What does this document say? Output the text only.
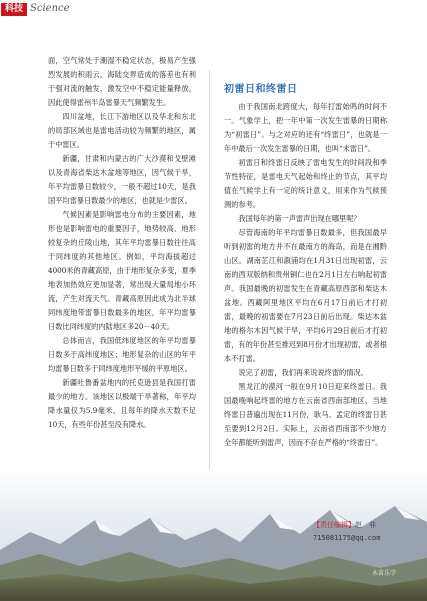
科技 Science

面，空气常处于潮湿不稳定状态，极易产生强烈发展的积雨云，海陆交界造成的落差也有利于强对流的触发，激发空中不稳定能量释放，因此使得雷州半岛雷暴天气频繁发生。

四川盆地，长江下游地区以及华北和东北的局部区域也是雷电活动较为频繁的地区，属于中雷区。

新疆，甘肃和内蒙古的广大沙漠和戈壁滩以及青海省柴达木盆地等地区，因气候干旱，年平均雷暴日数较少，一般不超过10天，是我国平均雷暴日数最少的地区，也就是少雷区。

气候因素是影响雷电分布的主要因素，地形也是影响雷电的重要因子，地势较高、地形较复杂的丘陵山地，其年平均雷暴日数往往高于同纬度的其他地区。例如，平均海拔超过4000米的青藏高原，由于地形复杂多变，夏季地表加热效应更加显著，常出现大量局地小环流，产生对流天气。青藏高原因此成为北半球同纬度地带雷暴日数最多的地区，年平均雷暴日数比同纬度的内陆地区多20－40天。

总体而言，我国低纬度地区的年平均雷暴日数多于高纬度地区；地形复杂的山区的年平均雷暴日数多于同纬度地形平缓的平原地区。

新疆吐鲁番盆地内的托克逊县是我国打雷最少的地方。该地区以极端干旱著称，年平均降水量仅为5.9毫米，且每年的降水天数不足10天，有些年份甚至没有降水。

初雷日和终雷日

由于我国南北跨度大，每年打雷始鸣的时间不一。气象学上，把一年中第一次发生雷暴的日期称为“初雷日”。与之对应的还有“终雷日”，也就是一年中最后一次发生雷暴的日期，也叫“末雷日”。

初雷日和终雷日反映了雷电发生的时间段和季节性特征，是雷电天气起始和终止的节点，其平均值在气候学上有一定的统计意义，用来作为气候预测的参考。

我国每年的第一声雷声出现在哪里呢？

尽管海南的年平均雷暴日数最多，但我国最早听到初雷的地方并不在最南方的海岛，而是在湘黔山区。湖南芷江和溆浦均在1月31日出现初雷，云南的西双版纳和贵州铜仁也在2月1日左右响起初雷声。我国最晚的初雷发生在青藏高原西部和柴达木盆地。西藏阿里地区平均在6月17日前后才打初雷，最晚的初雷要在7月23日前后出现。柴达木盆地的格尔木因气候干旱，平均6月29日前后才打初雷，有的年份甚至推迟到8月份才出现初雷，或者根本不打雷。

说完了初雷，我们再来说说终雷的情况。

黑龙江的漠河一般在9月10日迎来终雷日。我国最晚响起终雷的地方在云南省西南部地区，当地终雷日普遍出现在11月份，耿马、孟定的终雷日甚至要到12月2日。实际上，云南省西南部不少地方全年都能听到雷声，因而不存在严格的“终雷日”。

木苗乐学
【责任编辑】赵　非
715081175@qq.com
